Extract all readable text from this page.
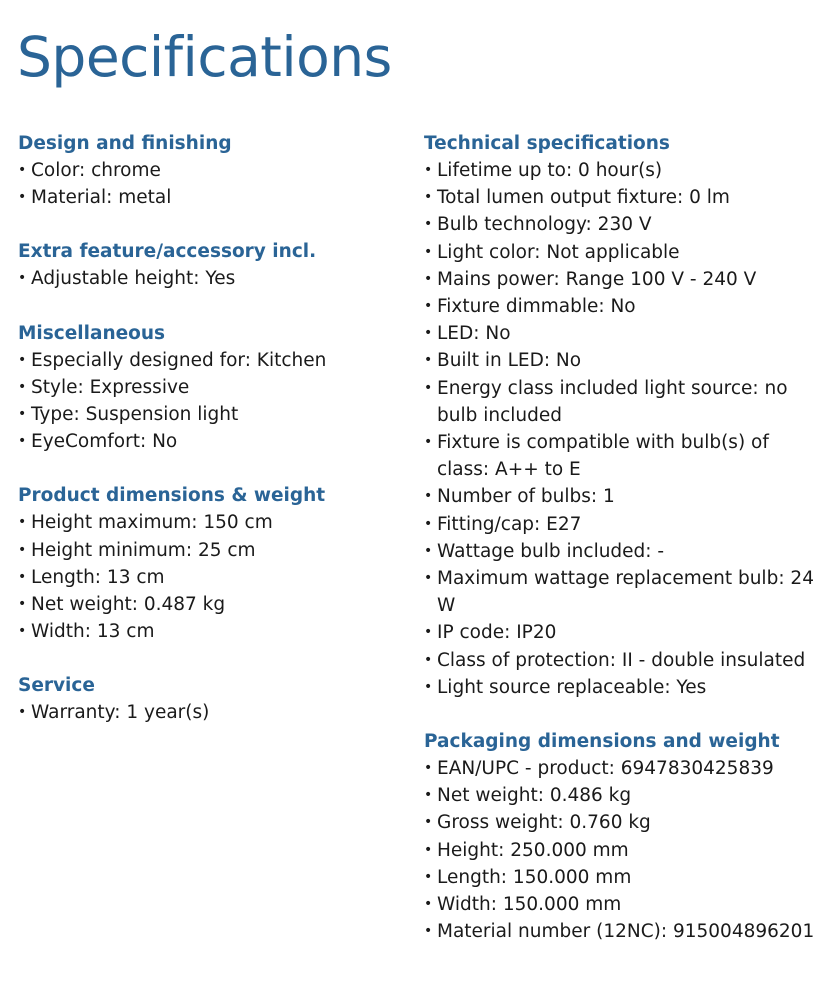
Specifications
Design and finishing
• Color: chrome
• Material: metal
Extra feature/accessory incl.
• Adjustable height: Yes
Miscellaneous
• Especially designed for: Kitchen
• Style: Expressive
• Type: Suspension light
• EyeComfort: No
Product dimensions & weight
• Height maximum: 150 cm
• Height minimum: 25 cm
• Length: 13 cm
• Net weight: 0.487 kg
• Width: 13 cm
Service
• Warranty: 1 year(s)
Technical specifications
• Lifetime up to: 0 hour(s)
• Total lumen output fixture: 0 lm
• Bulb technology: 230 V
• Light color: Not applicable
• Mains power: Range 100 V - 240 V
• Fixture dimmable: No
• LED: No
• Built in LED: No
• Energy class included light source: no bulb included
• Fixture is compatible with bulb(s) of class: A++ to E
• Number of bulbs: 1
• Fitting/cap: E27
• Wattage bulb included: -
• Maximum wattage replacement bulb: 24 W
• IP code: IP20
• Class of protection: II - double insulated
• Light source replaceable: Yes
Packaging dimensions and weight
• EAN/UPC - product: 6947830425839
• Net weight: 0.486 kg
• Gross weight: 0.760 kg
• Height: 250.000 mm
• Length: 150.000 mm
• Width: 150.000 mm
• Material number (12NC): 915004896201
